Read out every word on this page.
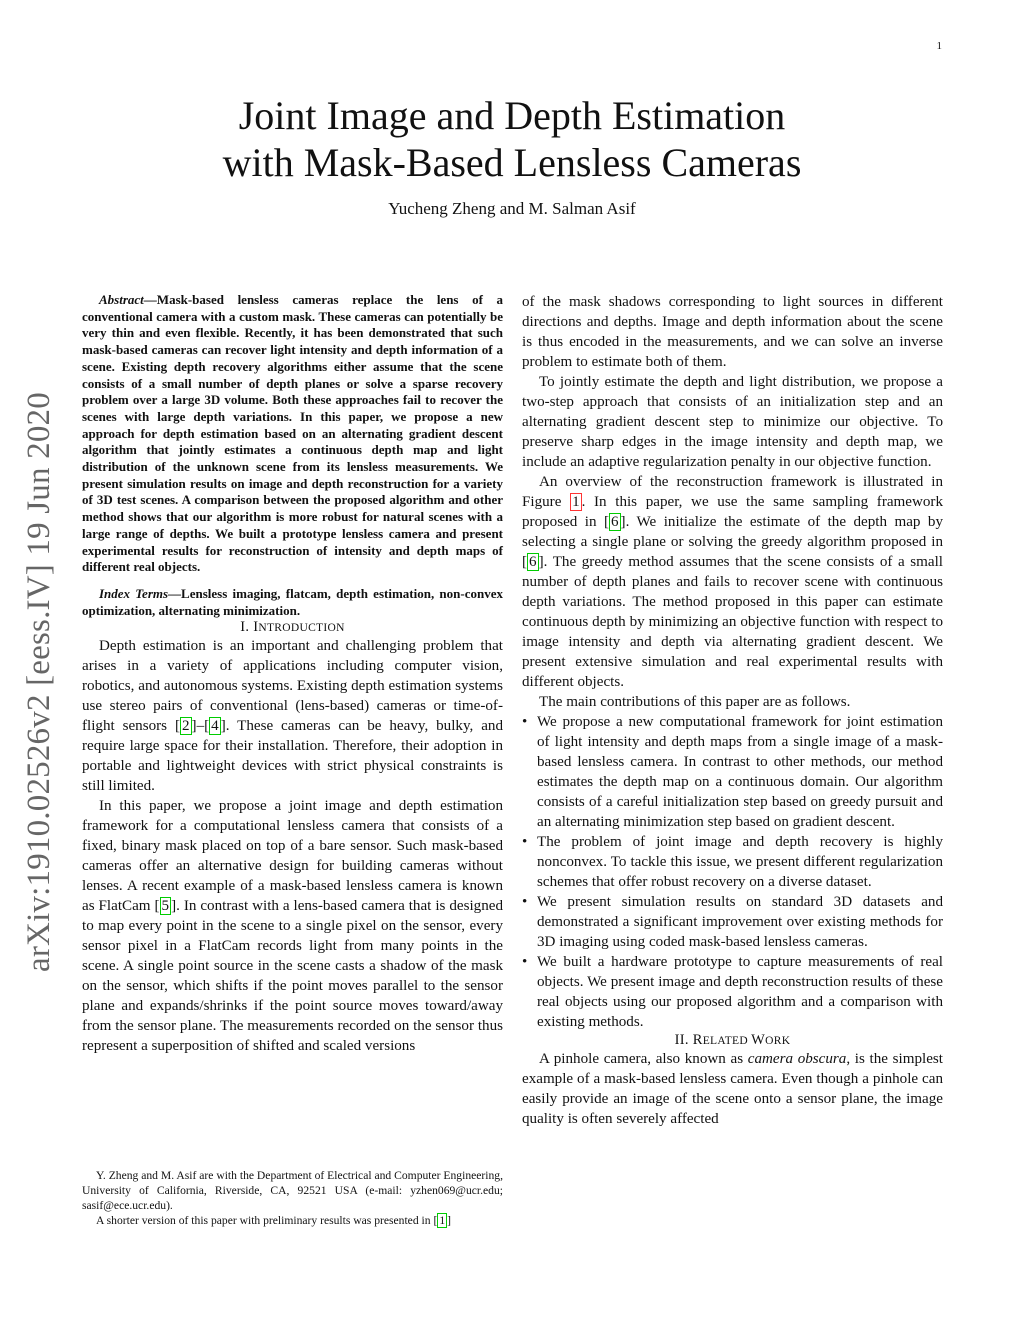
1
arXiv:1910.02526v2 [eess.IV] 19 Jun 2020
Joint Image and Depth Estimation
with Mask-Based Lensless Cameras
Yucheng Zheng and M. Salman Asif

Abstract—Mask-based lensless cameras replace the lens of a conventional camera with a custom mask. These cameras can potentially be very thin and even flexible. Recently, it has been demonstrated that such mask-based cameras can recover light intensity and depth information of a scene. Existing depth recovery algorithms either assume that the scene consists of a small number of depth planes or solve a sparse recovery problem over a large 3D volume. Both these approaches fail to recover the scenes with large depth variations. In this paper, we propose a new approach for depth estimation based on an alternating gradient descent algorithm that jointly estimates a continuous depth map and light distribution of the unknown scene from its lensless measurements. We present simulation results on image and depth reconstruction for a variety of 3D test scenes. A comparison between the proposed algorithm and other method shows that our algorithm is more robust for natural scenes with a large range of depths. We built a prototype lensless camera and present experimental results for reconstruction of intensity and depth maps of different real objects.

Index Terms—Lensless imaging, flatcam, depth estimation, non-convex optimization, alternating minimization.

I. INTRODUCTION

Depth estimation is an important and challenging problem that arises in a variety of applications including computer vision, robotics, and autonomous systems. Existing depth estimation systems use stereo pairs of conventional (lens-based) cameras or time-of-flight sensors [ 2 ]–[ 4 ]. These cameras can be heavy, bulky, and require large space for their installation. Therefore, their adoption in portable and lightweight devices with strict physical constraints is still limited.

In this paper, we propose a joint image and depth estimation framework for a computational lensless camera that consists of a fixed, binary mask placed on top of a bare sensor. Such mask-based cameras offer an alternative design for building cameras without lenses. A recent example of a mask-based lensless camera is known as FlatCam [ 5 ]. In contrast with a lens-based camera that is designed to map every point in the scene to a single pixel on the sensor, every sensor pixel in a FlatCam records light from many points in the scene. A single point source in the scene casts a shadow of the mask on the sensor, which shifts if the point moves parallel to the sensor plane and expands/shrinks if the point source moves toward/away from the sensor plane. The measurements recorded on the sensor thus represent a superposition of shifted and scaled versions

Y. Zheng and M. Asif are with the Department of Electrical and Computer Engineering, University of California, Riverside, CA, 92521 USA (e-mail: yzhen069@ucr.edu; sasif@ece.ucr.edu).

A shorter version of this paper with preliminary results was presented in [ 1 ]

of the mask shadows corresponding to light sources in different directions and depths. Image and depth information about the scene is thus encoded in the measurements, and we can solve an inverse problem to estimate both of them.

To jointly estimate the depth and light distribution, we propose a two-step approach that consists of an initialization step and an alternating gradient descent step to minimize our objective. To preserve sharp edges in the image intensity and depth map, we include an adaptive regularization penalty in our objective function.

An overview of the reconstruction framework is illustrated in Figure 1 . In this paper, we use the same sampling framework proposed in [ 6 ]. We initialize the estimate of the depth map by selecting a single plane or solving the greedy algorithm proposed in [ 6 ]. The greedy method assumes that the scene consists of a small number of depth planes and fails to recover scene with continuous depth variations. The method proposed in this paper can estimate continuous depth by minimizing an objective function with respect to image intensity and depth via alternating gradient descent. We present extensive simulation and real experimental results with different objects.

The main contributions of this paper are as follows.

• We propose a new computational framework for joint estimation of light intensity and depth maps from a single image of a mask-based lensless camera. In contrast to other methods, our method estimates the depth map on a continuous domain. Our algorithm consists of a careful initialization step based on greedy pursuit and an alternating minimization step based on gradient descent.
• The problem of joint image and depth recovery is highly nonconvex. To tackle this issue, we present different regularization schemes that offer robust recovery on a diverse dataset.
• We present simulation results on standard 3D datasets and demonstrated a significant improvement over existing methods for 3D imaging using coded mask-based lensless cameras.
• We built a hardware prototype to capture measurements of real objects. We present image and depth reconstruction results of these real objects using our proposed algorithm and a comparison with existing methods.
II. RELATED WORK

A pinhole camera, also known as camera obscura, is the simplest example of a mask-based lensless camera. Even though a pinhole can easily provide an image of the scene onto a sensor plane, the image quality is often severely affected
